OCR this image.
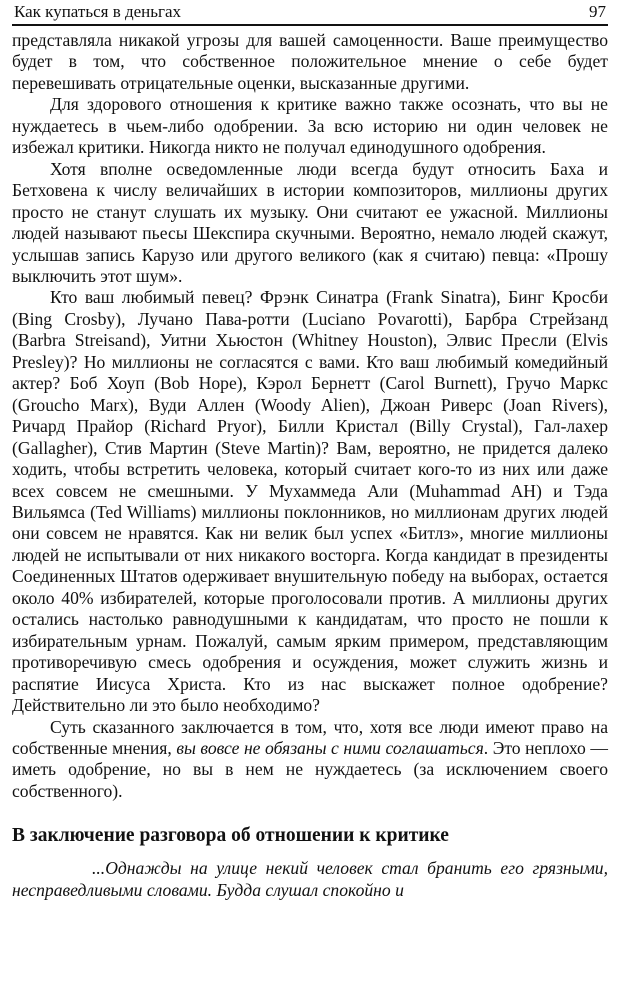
Как купаться в деньгах	97

представляла никакой угрозы для вашей самоценности. Ваше преимущество будет в том, что собственное положительное мнение о себе будет перевешивать отрицательные оценки, высказанные другими.

Для здорового отношения к критике важно также осознать, что вы не нуждаетесь в чьем-либо одобрении. За всю историю ни один человек не избежал критики. Никогда никто не получал единодушного одобрения.

Хотя вполне осведомленные люди всегда будут относить Баха и Бетховена к числу величайших в истории композиторов, миллионы других просто не станут слушать их музыку. Они считают ее ужасной. Миллионы людей называют пьесы Шекспира скучными. Вероятно, немало людей скажут, услышав запись Карузо или другого великого (как я считаю) певца: «Прошу выключить этот шум».

Кто ваш любимый певец? Фрэнк Синатра (Frank Sinatra), Бинг Кросби (Bing Crosby), Лучано Пава-ротти (Luciano Povarotti), Барбра Стрейзанд (Barbra Streisand), Уитни Хьюстон (Whitney Houston), Элвис Пресли (Elvis Presley)? Но миллионы не согласятся с вами. Кто ваш любимый комедийный актер? Боб Хоуп (Bob Hope), Кэрол Бернетт (Carol Burnett), Гручо Маркс (Groucho Marx), Вуди Аллен (Woody Alien), Джоан Риверс (Joan Rivers), Ричард Прайор (Richard Pryor), Билли Кристал (Billy Crystal), Гал-лахер (Gallagher), Стив Мартин (Steve Martin)? Вам, вероятно, не придется далеко ходить, чтобы встретить человека, который считает кого-то из них или даже всех совсем не смешными. У Мухаммеда Али (Muhammad AH) и Тэда Вильямса (Ted Williams) миллионы поклонников, но миллионам других людей они совсем не нравятся. Как ни велик был успех «Битлз», многие миллионы людей не испытывали от них никакого восторга. Когда кандидат в президенты Соединенных Штатов одерживает внушительную победу на выборах, остается около 40% избирателей, которые проголосовали против. А миллионы других остались настолько равнодушными к кандидатам, что просто не пошли к избирательным урнам. Пожалуй, самым ярким примером, представляющим противоречивую смесь одобрения и осуждения, может служить жизнь и распятие Иисуса Христа. Кто из нас выскажет полное одобрение? Действительно ли это было необходимо?

Суть сказанного заключается в том, что, хотя все люди имеют право на собственные мнения, вы вовсе не обязаны с ними соглашаться. Это неплохо — иметь одобрение, но вы в нем не нуждаетесь (за исключением своего собственного).

В заключение разговора об отношении к критике

...Однажды на улице некий человек стал бранить его грязными, несправедливыми словами. Будда слушал спокойно и
